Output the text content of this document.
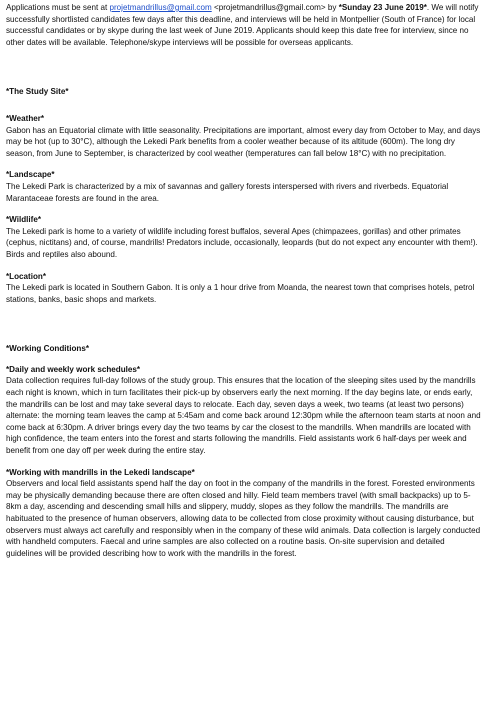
Applications must be sent at projetmandrillus@gmail.com <projetmandrillus@gmail.com> by *Sunday 23 June 2019*. We will notify successfully shortlisted candidates few days after this deadline, and interviews will be held in Montpellier (South of France) for local successful candidates or by skype during the last week of June 2019. Applicants should keep this date free for interview, since no other dates will be available. Telephone/skype interviews will be possible for overseas applicants.

*The Study Site*

*Weather*

Gabon has an Equatorial climate with little seasonality. Precipitations are important, almost every day from October to May, and days may be hot (up to 30°C), although the Lekedi Park benefits from a cooler weather because of its altitude (600m). The long dry season, from June to September, is characterized by cool weather (temperatures can fall below 18°C) with no precipitation.

*Landscape*

The Lekedi Park is characterized by a mix of savannas and gallery forests interspersed with rivers and riverbeds. Equatorial Marantaceae forests are found in the area.

*Wildlife*

The Lekedi park is home to a variety of wildlife including forest buffalos, several Apes (chimpazees, gorillas) and other primates (cephus, nictitans) and, of course, mandrills! Predators include, occasionally, leopards (but do not expect any encounter with them!). Birds and reptiles also abound.

*Location*

The Lekedi park is located in Southern Gabon. It is only a 1 hour drive from Moanda, the nearest town that comprises hotels, petrol stations, banks, basic shops and markets.

*Working Conditions*

*Daily and weekly work schedules*

Data collection requires full-day follows of the study group. This ensures that the location of the sleeping sites used by the mandrills each night is known, which in turn facilitates their pick-up by observers early the next morning. If the day begins late, or ends early, the mandrills can be lost and may take several days to relocate. Each day, seven days a week, two teams (at least two persons) alternate: the morning team leaves the camp at 5:45am and come back around 12:30pm while the afternoon team starts at noon and come back at 6:30pm. A driver brings every day the two teams by car the closest to the mandrills. When mandrills are located with high confidence, the team enters into the forest and starts following the mandrills. Field assistants work 6 half-days per week and benefit from one day off per week during the entire stay.

*Working with mandrills in the Lekedi landscape*

Observers and local field assistants spend half the day on foot in the company of the mandrills in the forest. Forested environments may be physically demanding because there are often closed and hilly. Field team members travel (with small backpacks) up to 5-8km a day, ascending and descending small hills and slippery, muddy, slopes as they follow the mandrills. The mandrills are habituated to the presence of human observers, allowing data to be collected from close proximity without causing disturbance, but observers must always act carefully and responsibly when in the company of these wild animals. Data collection is largely conducted with handheld computers. Faecal and urine samples are also collected on a routine basis. On-site supervision and detailed guidelines will be provided describing how to work with the mandrills in the forest.
